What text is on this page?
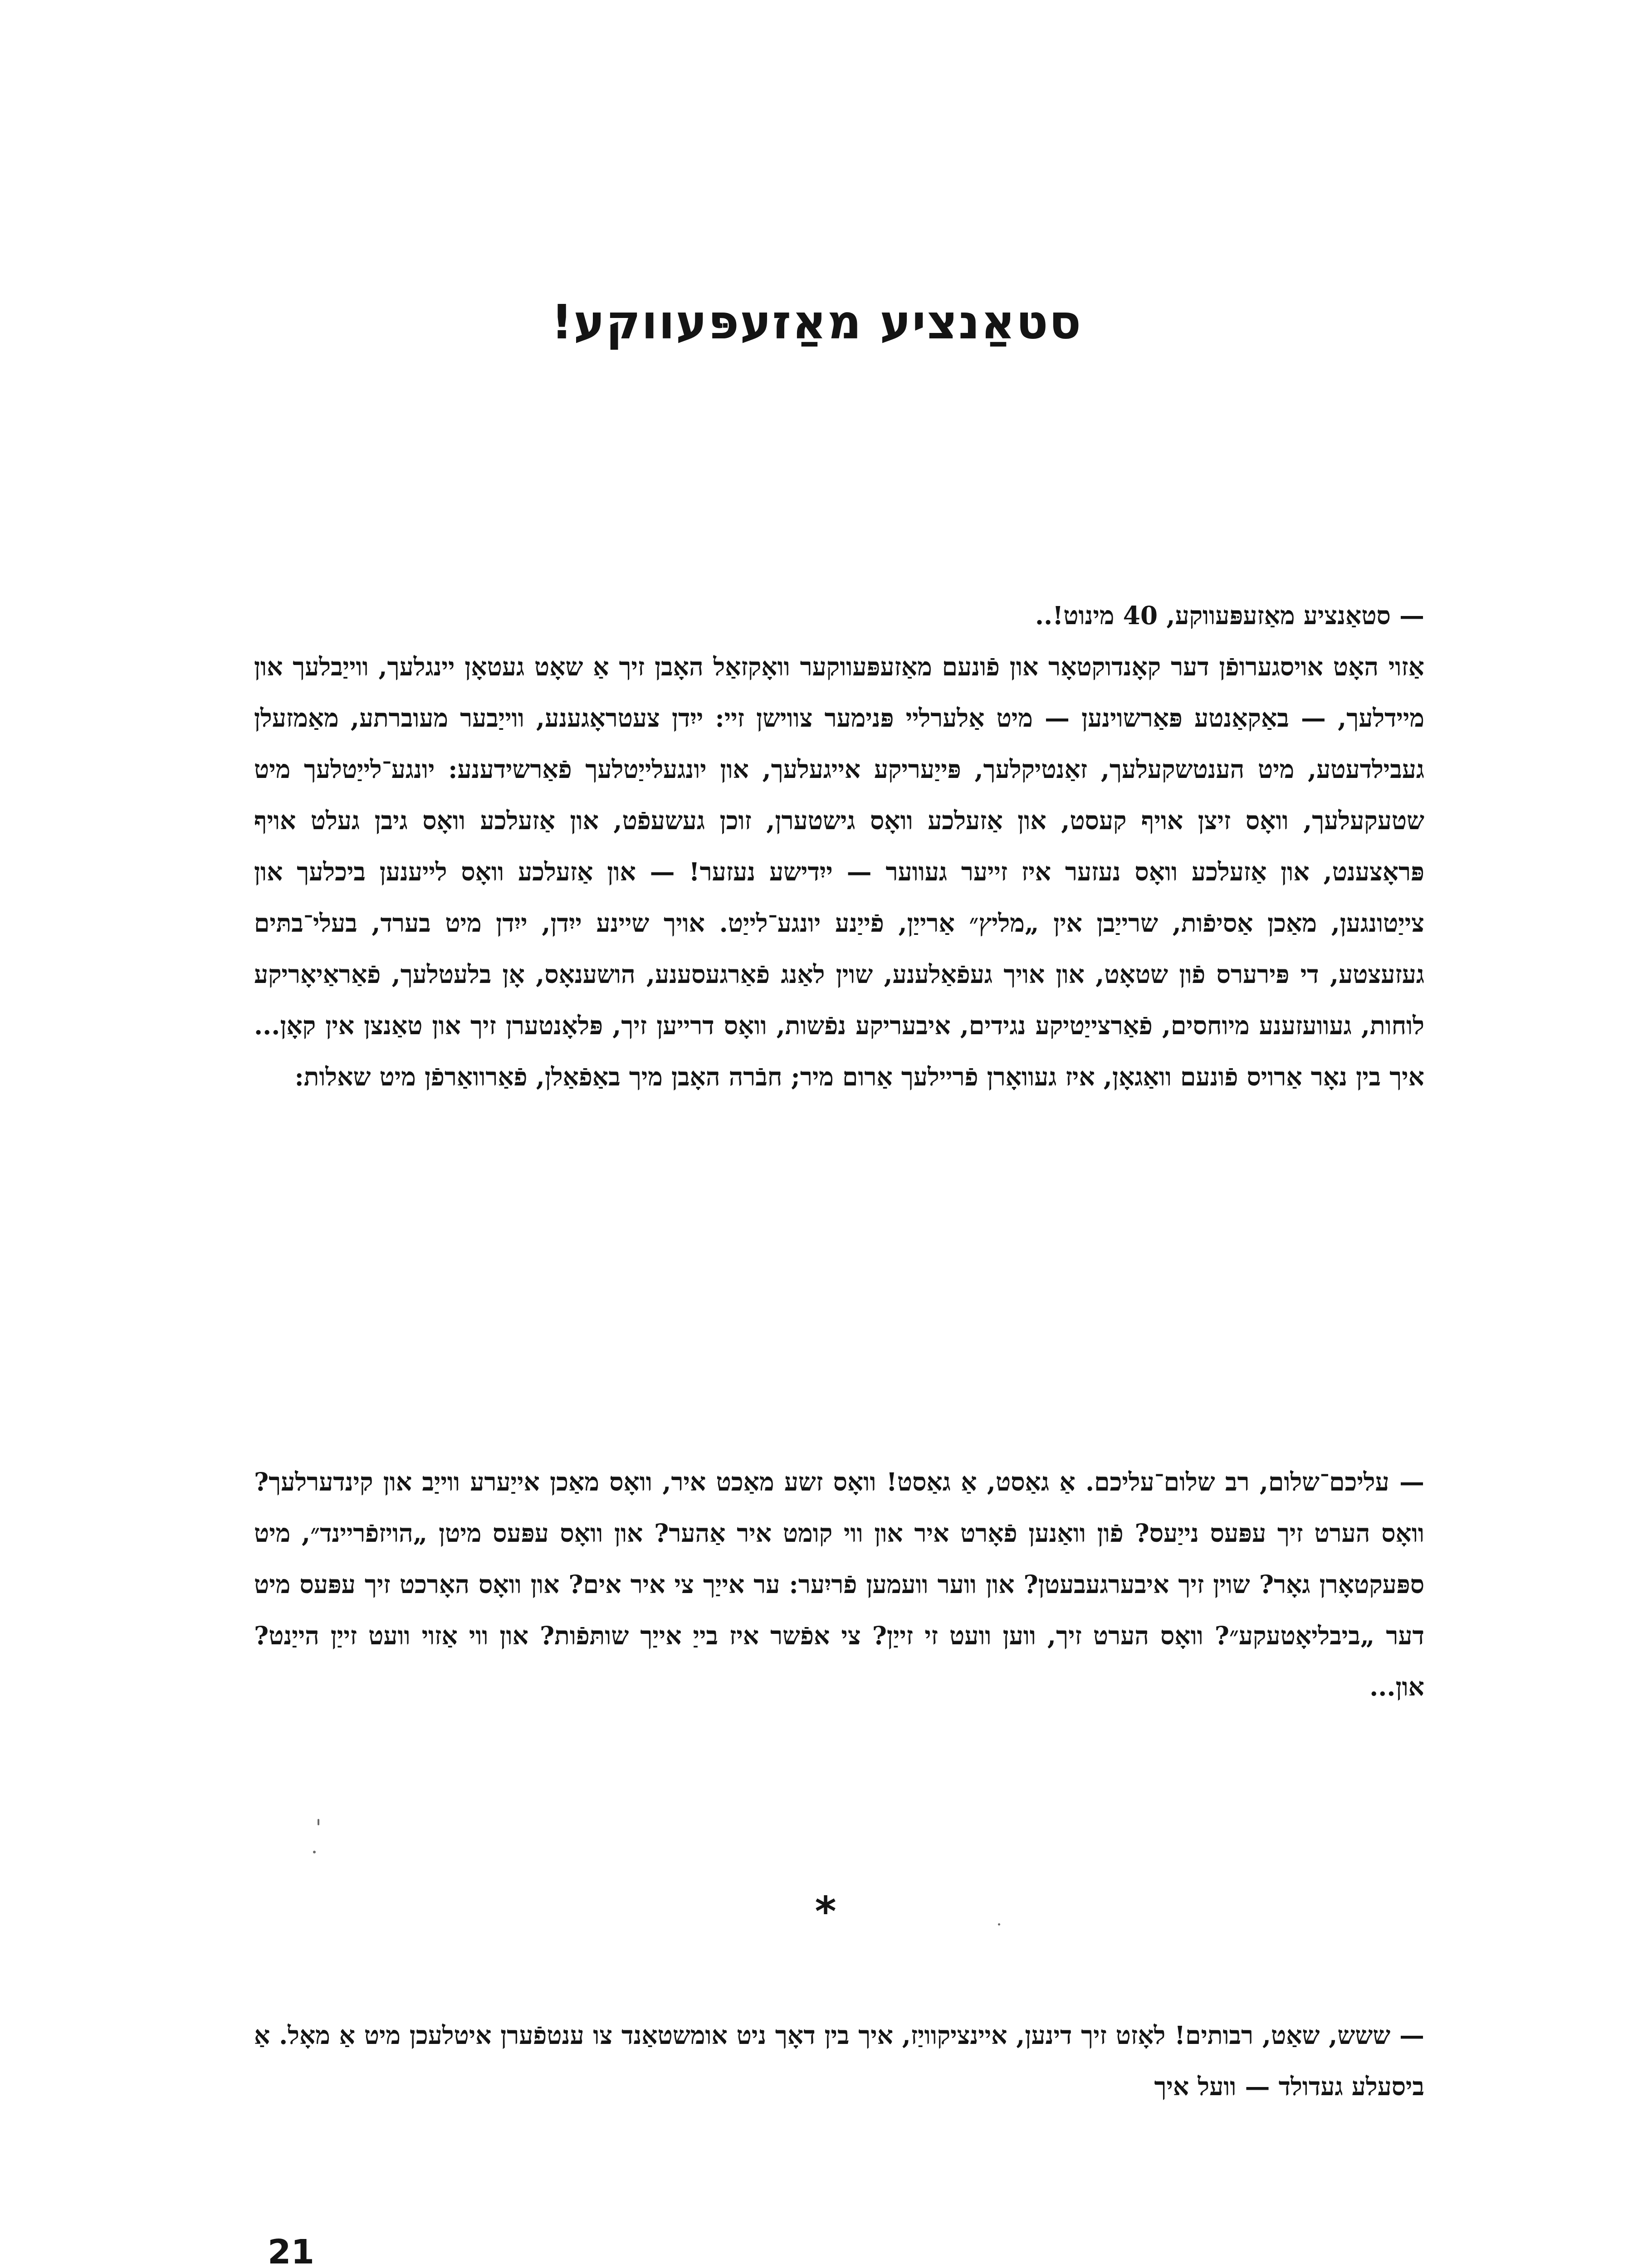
סטאַנציע מאַזעפּעווקע!

— סטאַנציע מאַזעפּעווקע, 40 מינוט!..

אַזוי האָט אויסגערופֿן דער קאָנדוקטאָר און פֿונעם מאַזעפּעווקער וואָקזאַל האָבן זיך אַ שאָט געטאָן יינגלעך, ווייַבלעך און מיידלעך, — באַקאַנטע פּאַרשוינען — מיט אַלערליי פּנימער צווישן זיי: ייִדן צעטראָגענע, ווייַבער מעוברתע, מאַמזעלן געבילדעטע, מיט הענטשקעלעך, זאַנטיקלעך, פּייַעריקע אייגעלעך, און יונגעלייַטלעך פֿאַרשידענע: יונגע־לייַטלעך מיט שטעקעלעך, וואָס זיצן אויף קעסט, און אַזעלכע וואָס גישטערן, זוכן געשעפֿט, און אַזעלכע וואָס גיבן געלט אויף פּראָצענט, און אַזעלכע וואָס נעזער איז זייער געווער — ייִדישע נעזער! — און אַזעלכע וואָס לייענען ביכלעך און צייַטונגען, מאַכן אַסיפֿות, שרייַבן אין „מליץ״ אַרייַן, פֿייַנע יונגע־לייַט. אויך שיינע ייִדן, ייִדן מיט בערד, בעלי־בתּים געזעצטע, די פּירערס פֿון שטאָט, און אויך געפֿאַלענע, שוין לאַנג פֿאַרגעסענע, הושענאָס, אָן בלעטלעך, פֿאַראַיאָריקע לוחות, געוועזענע מיוחסים, פֿאַרצייַטיקע נגידים, איבעריקע נפֿשות, וואָס דרייען זיך, פּלאָנטערן זיך און טאַנצן אין קאָן... איך בין נאָר אַרויס פֿונעם וואַגאָן, איז געוואָרן פֿריילעך אַרום מיר; חבֿרה האָבן מיך באַפֿאַלן, פֿאַרוואַרפֿן מיט שאלות:

— עליכם־שלום, רב שלום־עליכם. אַ גאַסט, אַ גאַסט! וואָס זשע מאַכט איר, וואָס מאַכן אייַערע ווייַב און קינדערלעך? וואָס הערט זיך עפּעס נייַעס? פֿון וואַנען פֿאָרט איר און ווי קומט איר אַהער? און וואָס עפּעס מיטן „הויזפֿריינד״, מיט ספּעקטאָרן גאָר? שוין זיך איבערגעבעטן? און ווער וועמען פֿריִער: ער אייַך צי איר אים? און וואָס האָרכט זיך עפּעס מיט דער „ביבליאָטעקע״? וואָס הערט זיך, ווען וועט זי זייַן? צי אפֿשר איז בייַ אייַך שותּפֿות? און ווי אַזוי וועט זייַן הייַנט? און...

*

— ששש, שאַט, רבותים! לאָזט זיך דינען, איינציקוויַז, איך בין דאָך ניט אומשטאַנד צו ענטפֿערן איטלעכן מיט אַ מאָל. אַ ביסעלע געדולד — וועל איך

21
